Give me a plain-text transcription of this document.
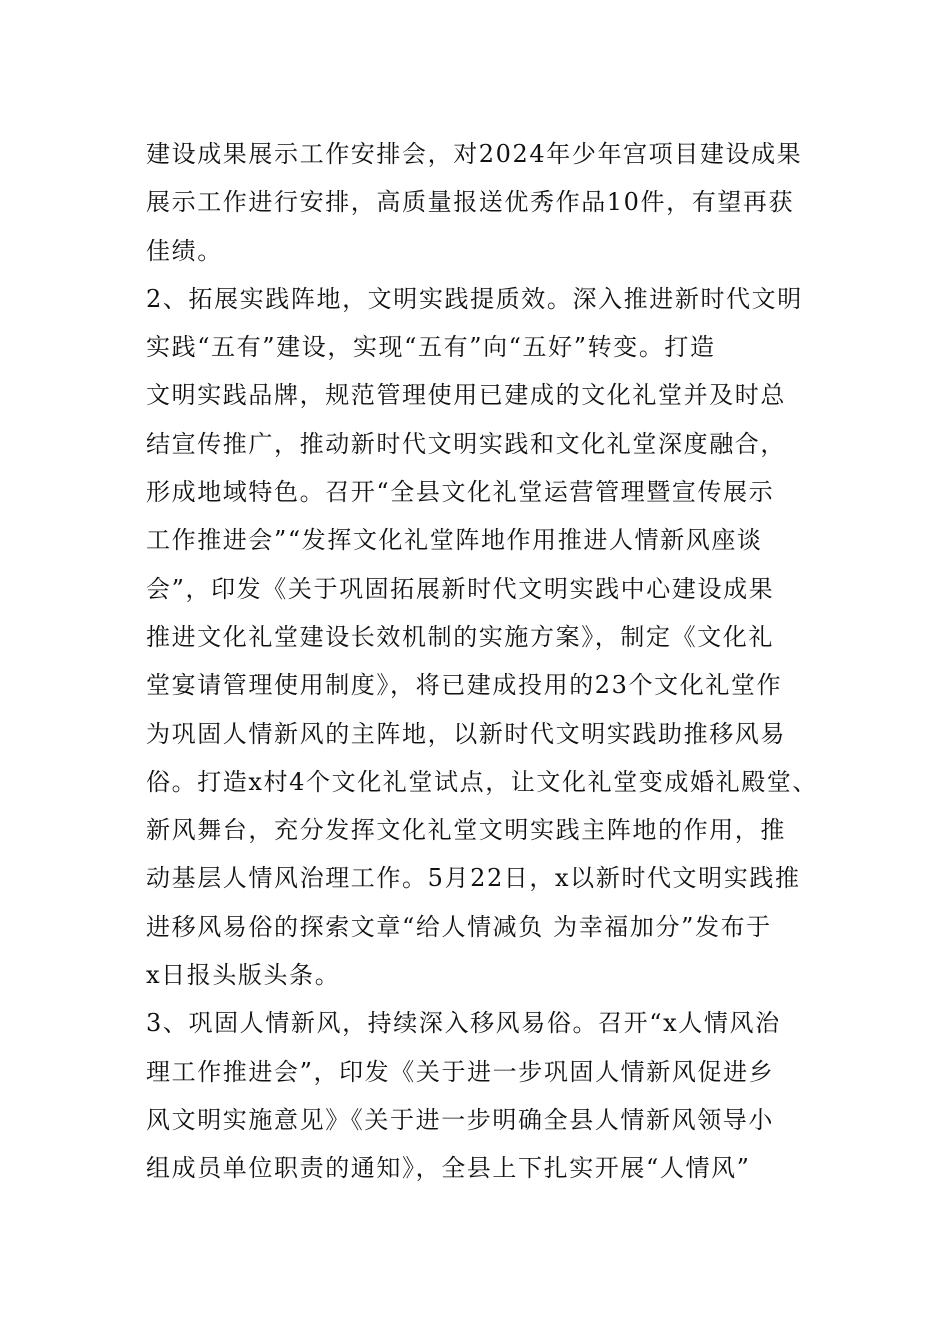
建设成果展示工作安排会，对2024年少年宫项目建设成果
展示工作进行安排，高质量报送优秀作品10件，有望再获
佳绩。
2、拓展实践阵地，文明实践提质效。深入推进新时代文明
实践“五有”建设，实现“五有”向“五好”转变。打造
文明实践品牌，规范管理使用已建成的文化礼堂并及时总
结宣传推广，推动新时代文明实践和文化礼堂深度融合，
形成地域特色。召开“全县文化礼堂运营管理暨宣传展示
工作推进会”“发挥文化礼堂阵地作用推进人情新风座谈
会”，印发《关于巩固拓展新时代文明实践中心建设成果
推进文化礼堂建设长效机制的实施方案》，制定《文化礼
堂宴请管理使用制度》，将已建成投用的23个文化礼堂作
为巩固人情新风的主阵地，以新时代文明实践助推移风易
俗。打造x村4个文化礼堂试点，让文化礼堂变成婚礼殿堂、
新风舞台，充分发挥文化礼堂文明实践主阵地的作用，推
动基层人情风治理工作。5月22日，x以新时代文明实践推
进移风易俗的探索文章“给人情减负 为幸福加分”发布于
x日报头版头条。
3、巩固人情新风，持续深入移风易俗。召开“x人情风治
理工作推进会”，印发《关于进一步巩固人情新风促进乡
风文明实施意见》《关于进一步明确全县人情新风领导小
组成员单位职责的通知》，全县上下扎实开展“人情风”
